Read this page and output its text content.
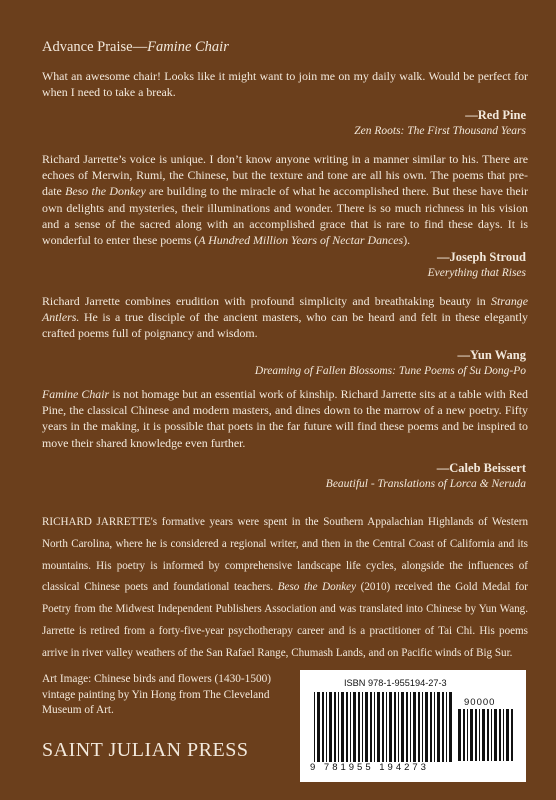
Advance Praise—Famine Chair
What an awesome chair! Looks like it might want to join me on my daily walk. Would be perfect for when I need to take a break.
—Red Pine
Zen Roots: The First Thousand Years
Richard Jarrette’s voice is unique. I don’t know anyone writing in a manner similar to his. There are echoes of Merwin, Rumi, the Chinese, but the texture and tone are all his own. The poems that pre-date Beso the Donkey are building to the miracle of what he accomplished there. But these have their own delights and mysteries, their illuminations and wonder. There is so much richness in his vision and a sense of the sacred along with an accomplished grace that is rare to find these days. It is wonderful to enter these poems (A Hundred Million Years of Nectar Dances).
—Joseph Stroud
Everything that Rises
Richard Jarrette combines erudition with profound simplicity and breathtaking beauty in Strange Antlers. He is a true disciple of the ancient masters, who can be heard and felt in these elegantly crafted poems full of poignancy and wisdom.
—Yun Wang
Dreaming of Fallen Blossoms: Tune Poems of Su Dong-Po
Famine Chair is not homage but an essential work of kinship. Richard Jarrette sits at a table with Red Pine, the classical Chinese and modern masters, and dines down to the marrow of a new poetry. Fifty years in the making, it is possible that poets in the far future will find these poems and be inspired to move their shared knowledge even further.
—Caleb Beissert
Beautiful - Translations of Lorca & Neruda
RICHARD JARRETTE's formative years were spent in the Southern Appalachian Highlands of Western North Carolina, where he is considered a regional writer, and then in the Central Coast of California and its mountains. His poetry is informed by comprehensive landscape life cycles, alongside the influences of classical Chinese poets and foundational teachers. Beso the Donkey (2010) received the Gold Medal for Poetry from the Midwest Independent Publishers Association and was translated into Chinese by Yun Wang. Jarrette is retired from a forty-five-year psychotherapy career and is a practitioner of Tai Chi. His poems arrive in river valley weathers of the San Rafael Range, Chumash Lands, and on Pacific winds of Big Sur.
Art Image: Chinese birds and flowers (1430-1500) vintage painting by Yin Hong from The Cleveland Museum of Art.
SAINT JULIAN PRESS
ISBN 978-1-955194-27-3
90000
9 781955 194273
